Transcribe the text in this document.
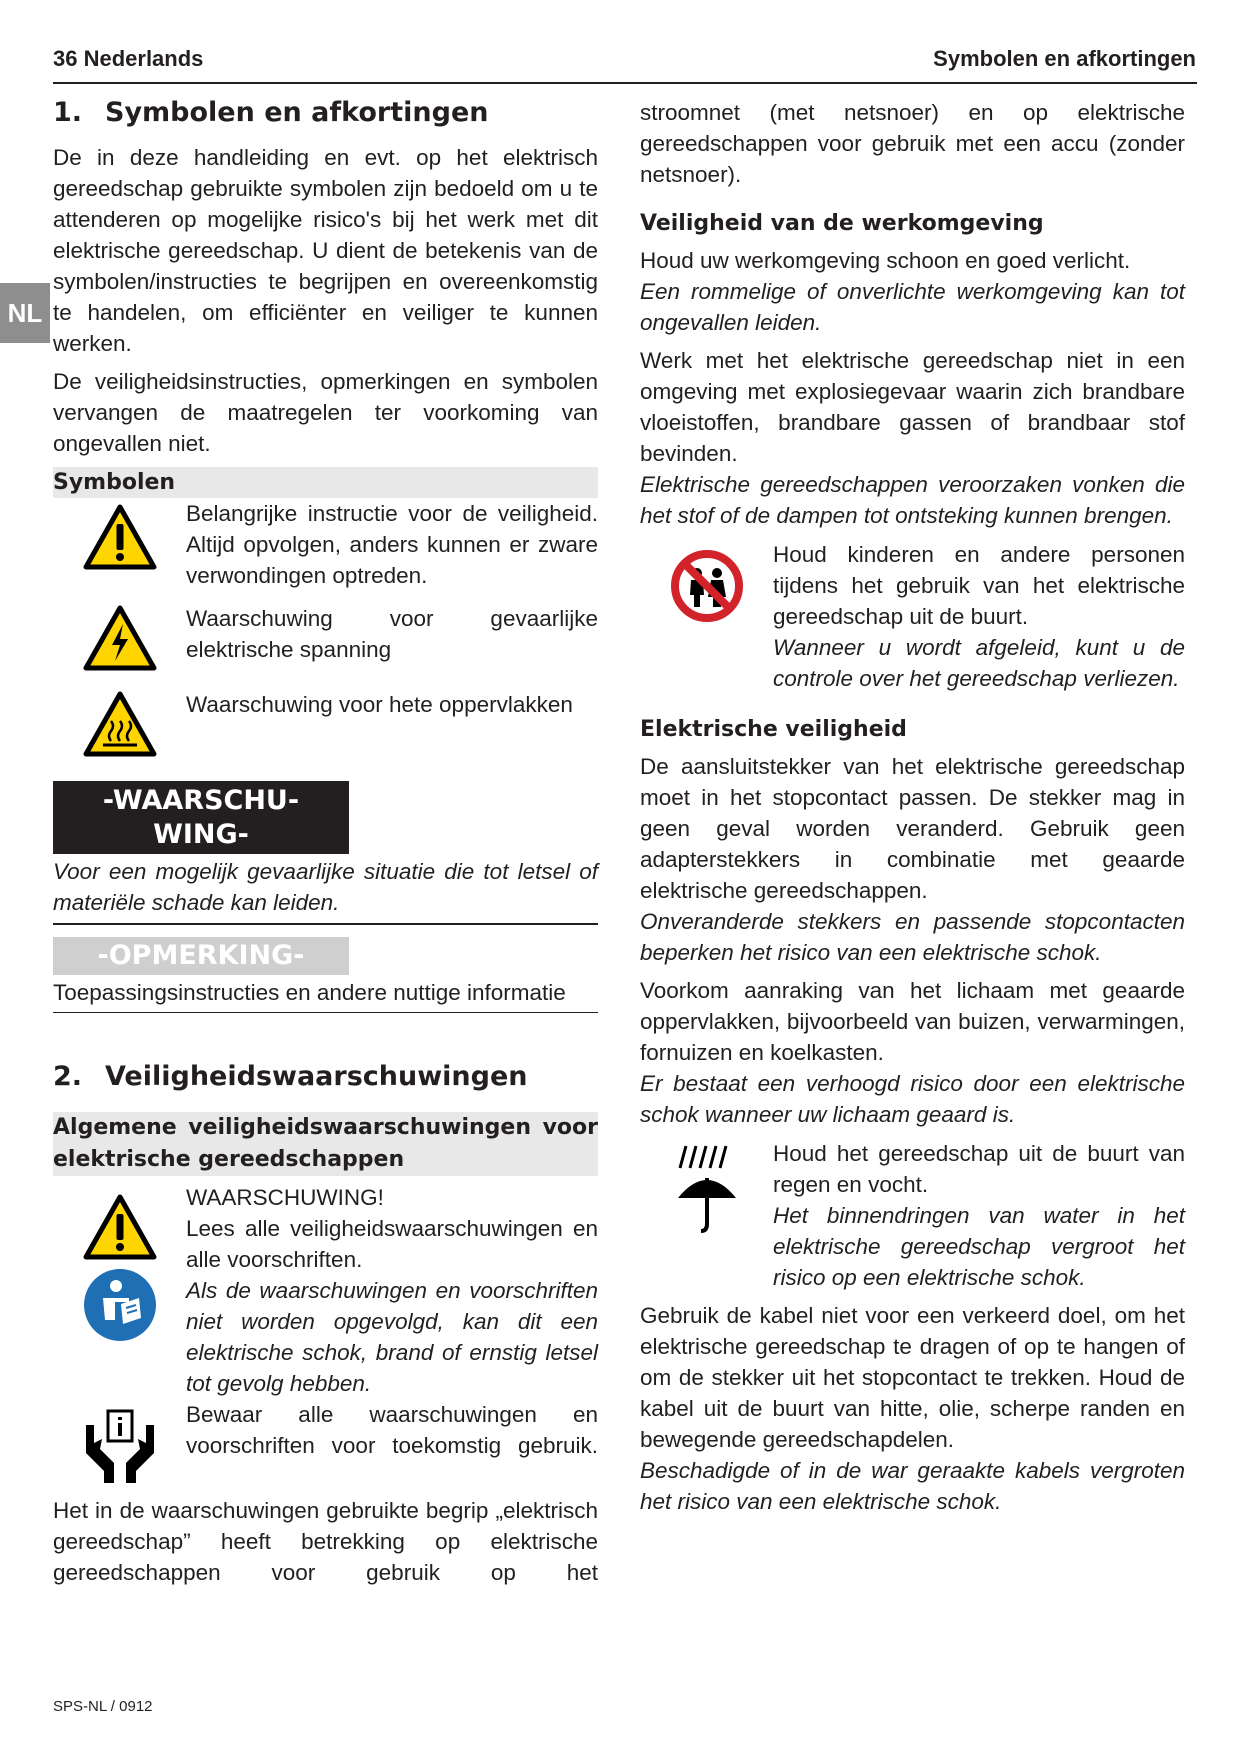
36 Nederlands	Symbolen en afkortingen
NL
1. Symbolen en afkortingen

De in deze handleiding en evt. op het elektrisch gereedschap gebruikte symbolen zijn bedoeld om u te attenderen op mogelijke risico's bij het werk met dit elektrische gereedschap. U dient de betekenis van de symbolen/instructies te begrijpen en overeenkomstig te handelen, om efficiënter en veiliger te kunnen werken.

De veiligheidsinstructies, opmerkingen en symbolen vervangen de maatregelen ter voorkoming van ongevallen niet.

Symbolen
Belangrijke instructie voor de veiligheid. Altijd opvolgen, anders kunnen er zware verwondingen optreden.
Waarschuwing voor gevaarlijke elektrische spanning
Waarschuwing voor hete oppervlakken
-WAARSCHU-
WING-

Voor een mogelijk gevaarlijke situatie die tot letsel of materiële schade kan leiden.

-OPMERKING-

Toepassingsinstructies en andere nuttige informatie

2. Veiligheidswaarschuwingen
Algemene veiligheidswaarschuwingen voor elektrische gereedschappen
WAARSCHUWING!
Lees alle veiligheidswaarschuwingen en alle voorschriften.
Als de waarschuwingen en voorschriften niet worden opgevolgd, kan dit een elektrische schok, brand of ernstig letsel tot gevolg hebben.
Bewaar alle waarschuwingen en voorschriften voor toekomstig gebruik.

Het in de waarschuwingen gebruikte begrip „elektrisch gereedschap” heeft betrekking op elektrische gereedschappen voor gebruik op het

stroomnet (met netsnoer) en op elektrische gereedschappen voor gebruik met een accu (zonder netsnoer).

Veiligheid van de werkomgeving

Houd uw werkomgeving schoon en goed verlicht.

Een rommelige of onverlichte werkomgeving kan tot ongevallen leiden.

Werk met het elektrische gereedschap niet in een omgeving met explosiegevaar waarin zich brandbare vloeistoffen, brandbare gassen of brandbaar stof bevinden.

Elektrische gereedschappen veroorzaken vonken die het stof of de dampen tot ontsteking kunnen brengen.

Houd kinderen en andere personen tijdens het gebruik van het elektrische gereedschap uit de buurt.
Wanneer u wordt afgeleid, kunt u de controle over het gereedschap verliezen.
Elektrische veiligheid

De aansluitstekker van het elektrische gereedschap moet in het stopcontact passen. De stekker mag in geen geval worden veranderd. Gebruik geen adapterstekkers in combinatie met geaarde elektrische gereedschappen.

Onveranderde stekkers en passende stopcontacten beperken het risico van een elektrische schok.

Voorkom aanraking van het lichaam met geaarde oppervlakken, bijvoorbeeld van buizen, verwarmingen, fornuizen en koelkasten.

Er bestaat een verhoogd risico door een elektrische schok wanneer uw lichaam geaard is.

Houd het gereedschap uit de buurt van regen en vocht.
Het binnendringen van water in het elektrische gereedschap vergroot het risico op een elektrische schok.

Gebruik de kabel niet voor een verkeerd doel, om het elektrische gereedschap te dragen of op te hangen of om de stekker uit het stopcontact te trekken. Houd de kabel uit de buurt van hitte, olie, scherpe randen en bewegende gereedschapdelen.

Beschadigde of in de war geraakte kabels vergroten het risico van een elektrische schok.

SPS-NL / 0912
